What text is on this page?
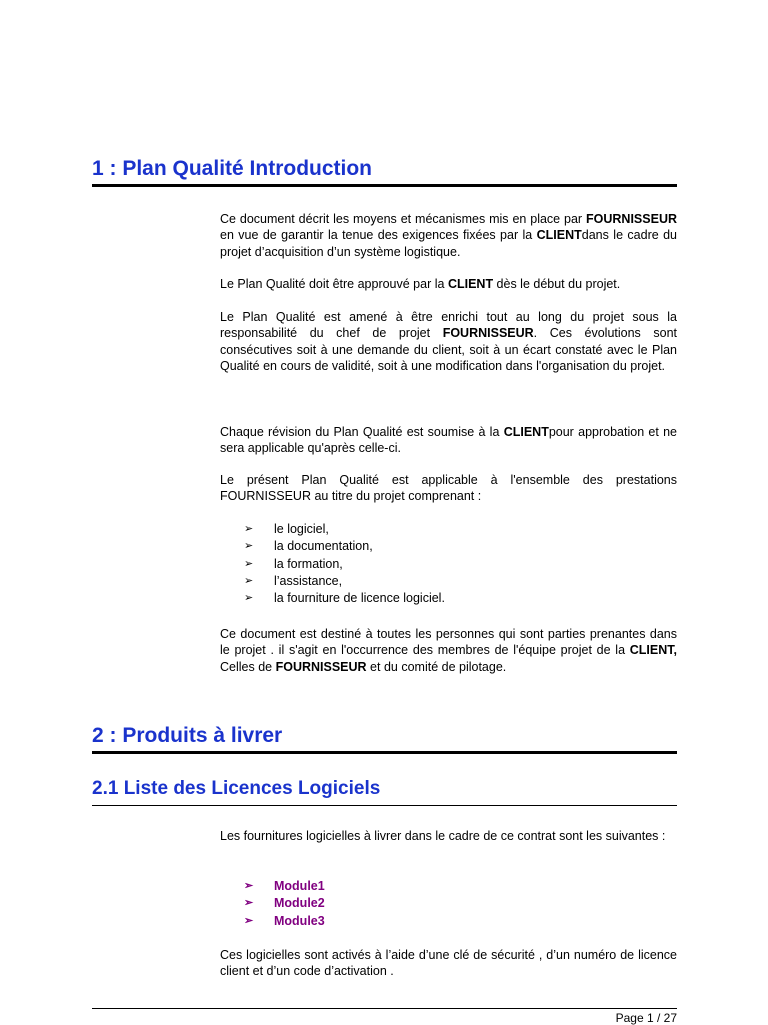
1 : Plan Qualité Introduction

Ce document décrit les moyens et mécanismes mis en place par FOURNISSEUR en vue de garantir la tenue des exigences fixées par la CLIENTdans le cadre du projet d’acquisition d’un système logistique.

Le Plan Qualité doit être approuvé par la CLIENT dès le début du projet.

Le Plan Qualité est amené à être enrichi tout au long du projet sous la responsabilité du chef de projet FOURNISSEUR. Ces évolutions sont consécutives soit à une demande du client, soit à un écart constaté avec le Plan Qualité en cours de validité, soit à une modification dans l'organisation du projet.

Chaque révision du Plan Qualité est soumise à la CLIENTpour approbation et ne sera applicable qu'après celle-ci.

Le présent Plan Qualité est applicable à l'ensemble des prestations FOURNISSEUR au titre du projet comprenant :

➢ le logiciel,
➢ la documentation,
➢ la formation,
➢ l’assistance,
➢ la fourniture de licence logiciel.

Ce document est destiné à toutes les personnes qui sont parties prenantes dans le projet . il s'agit en l'occurrence des membres de l'équipe projet de la CLIENT, Celles de FOURNISSEUR et du comité de pilotage.

2 : Produits à livrer
2.1 Liste des Licences Logiciels

Les fournitures logicielles à livrer dans le cadre de ce contrat sont les suivantes :

➢ Module1
➢ Module2
➢ Module3

Ces logicielles sont activés à l’aide d’une clé de sécurité , d’un numéro de licence client et d’un code d’activation .

Page 1 / 27
